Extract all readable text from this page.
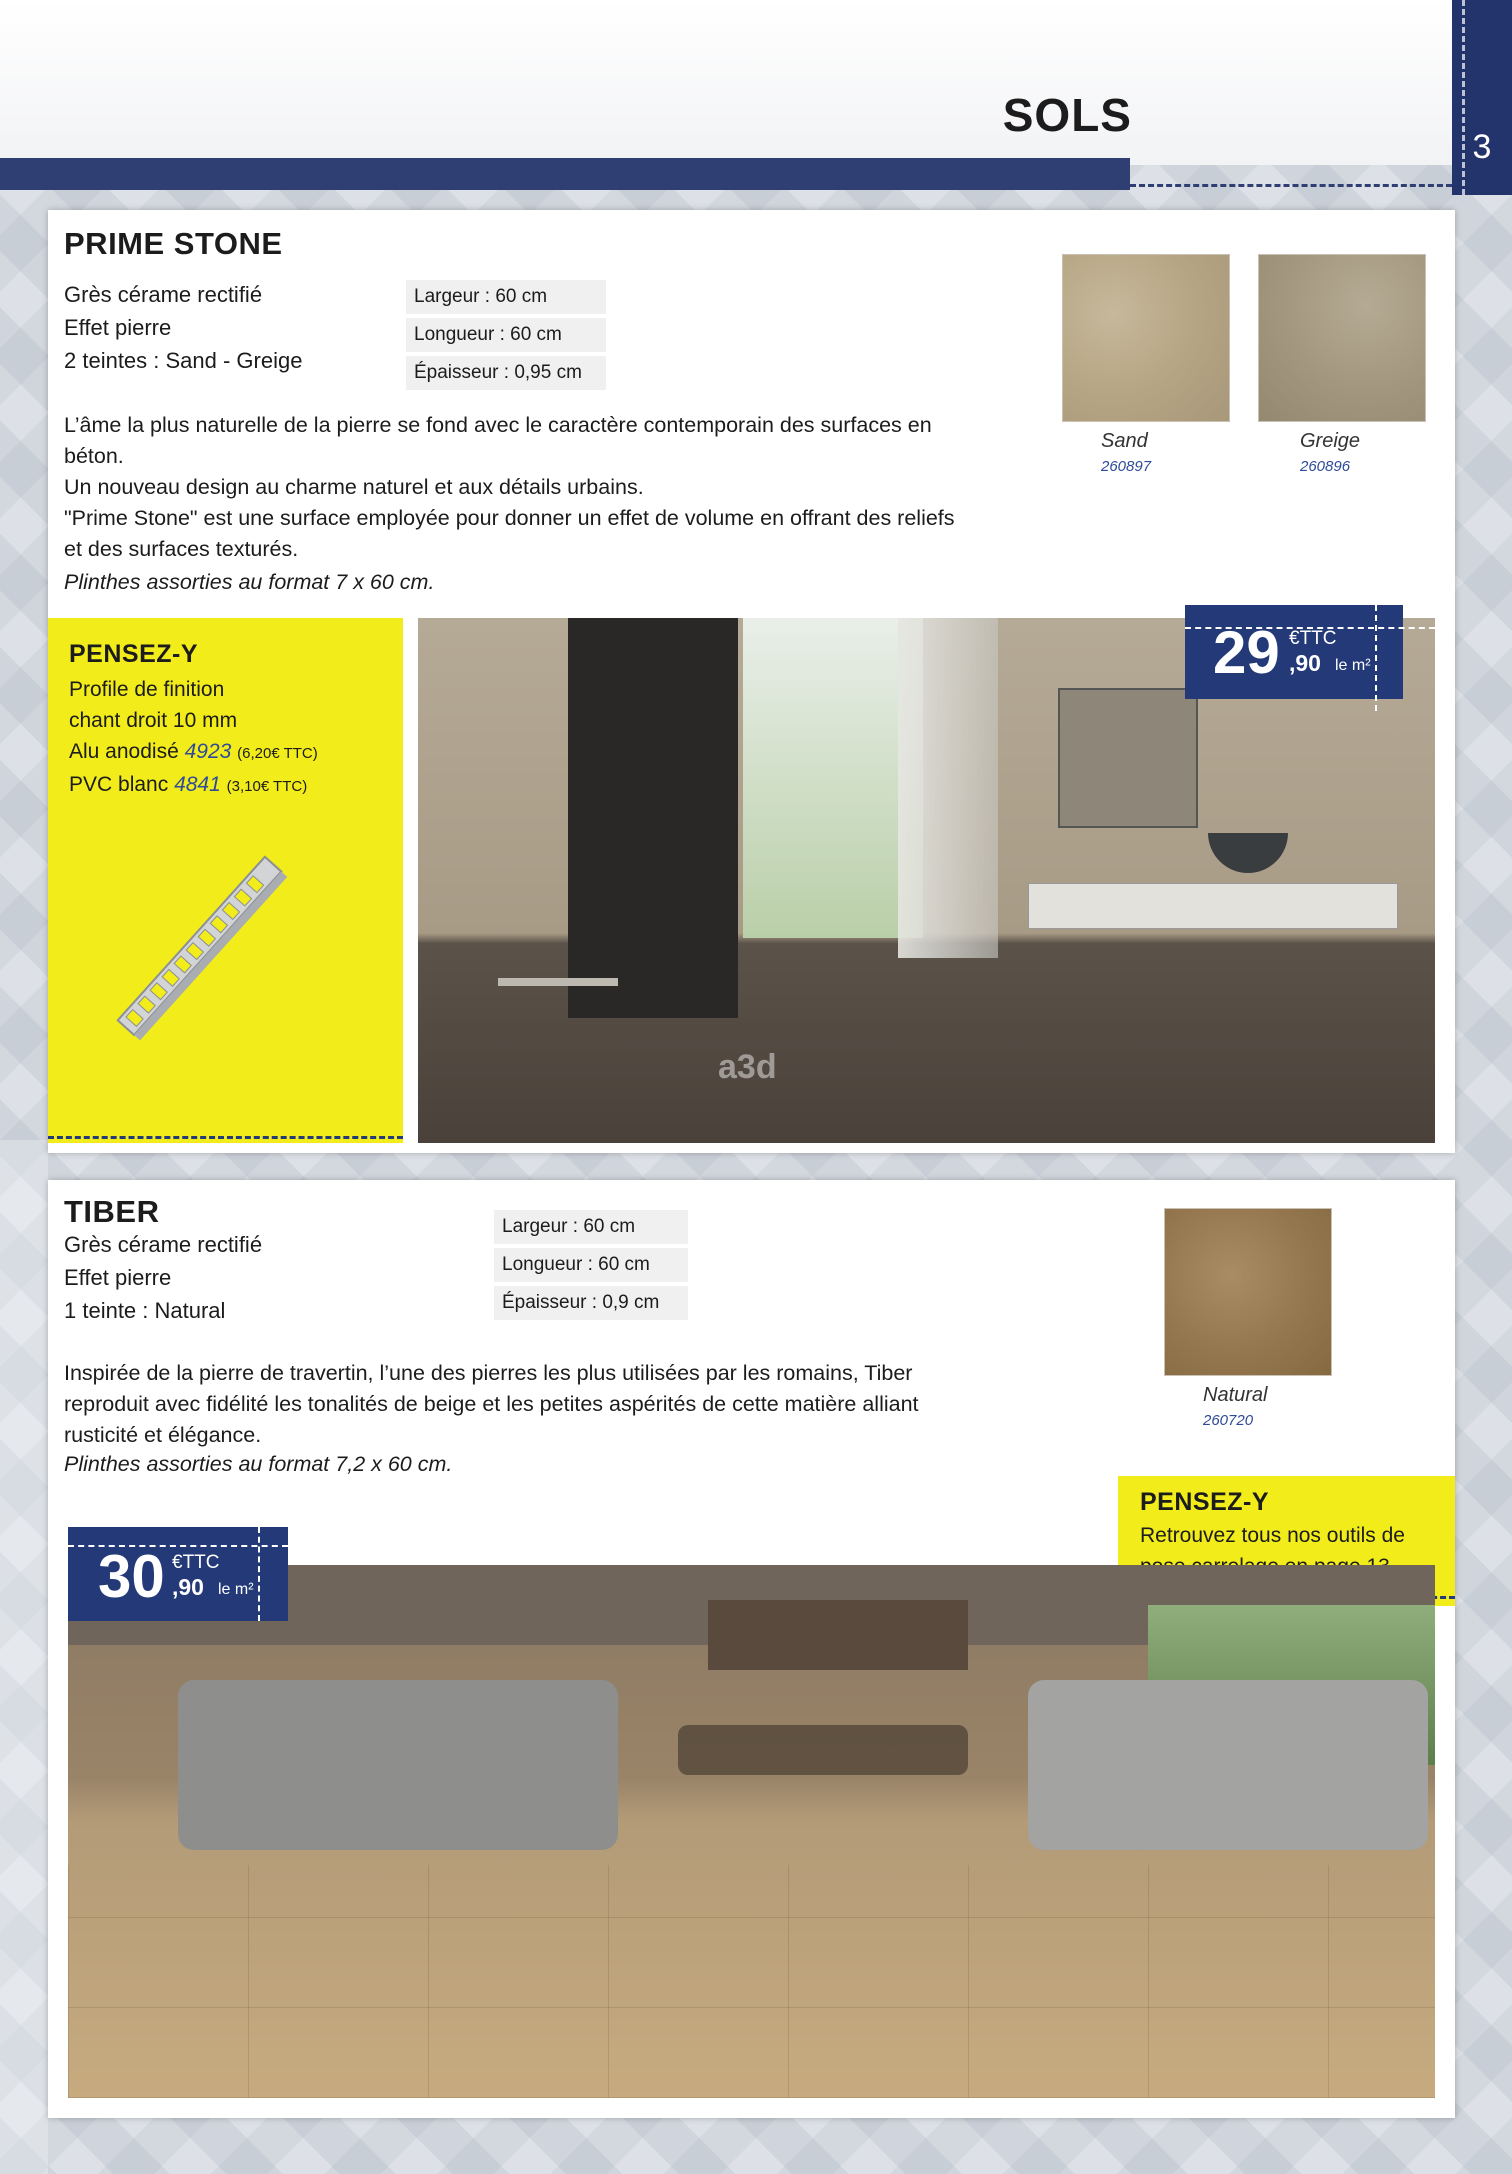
SOLS
3
PRIME STONE
Grès cérame rectifié
Effet pierre
2 teintes : Sand - Greige
Largeur : 60 cm
Longueur : 60 cm
Épaisseur : 0,95 cm
L’âme la plus naturelle de la pierre se fond avec le caractère contemporain des surfaces en
béton.
Un nouveau design au charme naturel et aux détails urbains.
"Prime Stone" est une surface employée pour donner un effet de volume en offrant des reliefs
et des surfaces texturés.
Plinthes assorties au format 7 x 60 cm.
Sand
260897
Greige
260896
PENSEZ-Y
Profile de finition
chant droit 10 mm
Alu anodisé 4923 (6,20€ TTC)
PVC blanc 4841 (3,10€ TTC)
a3d
29 €TTC
,90 le m²
TIBER
Grès cérame rectifié
Effet pierre
1 teinte : Natural
Largeur : 60 cm
Longueur : 60 cm
Épaisseur : 0,9 cm
Inspirée de la pierre de travertin, l’une des pierres les plus utilisées par les romains, Tiber
reproduit avec fidélité les tonalités de beige et les petites aspérités de cette matière alliant
rusticité et élégance.
Plinthes assorties au format 7,2 x 60 cm.
Natural
260720
PENSEZ-Y
Retrouvez tous nos outils de
30 €TTC
,90 le m²
